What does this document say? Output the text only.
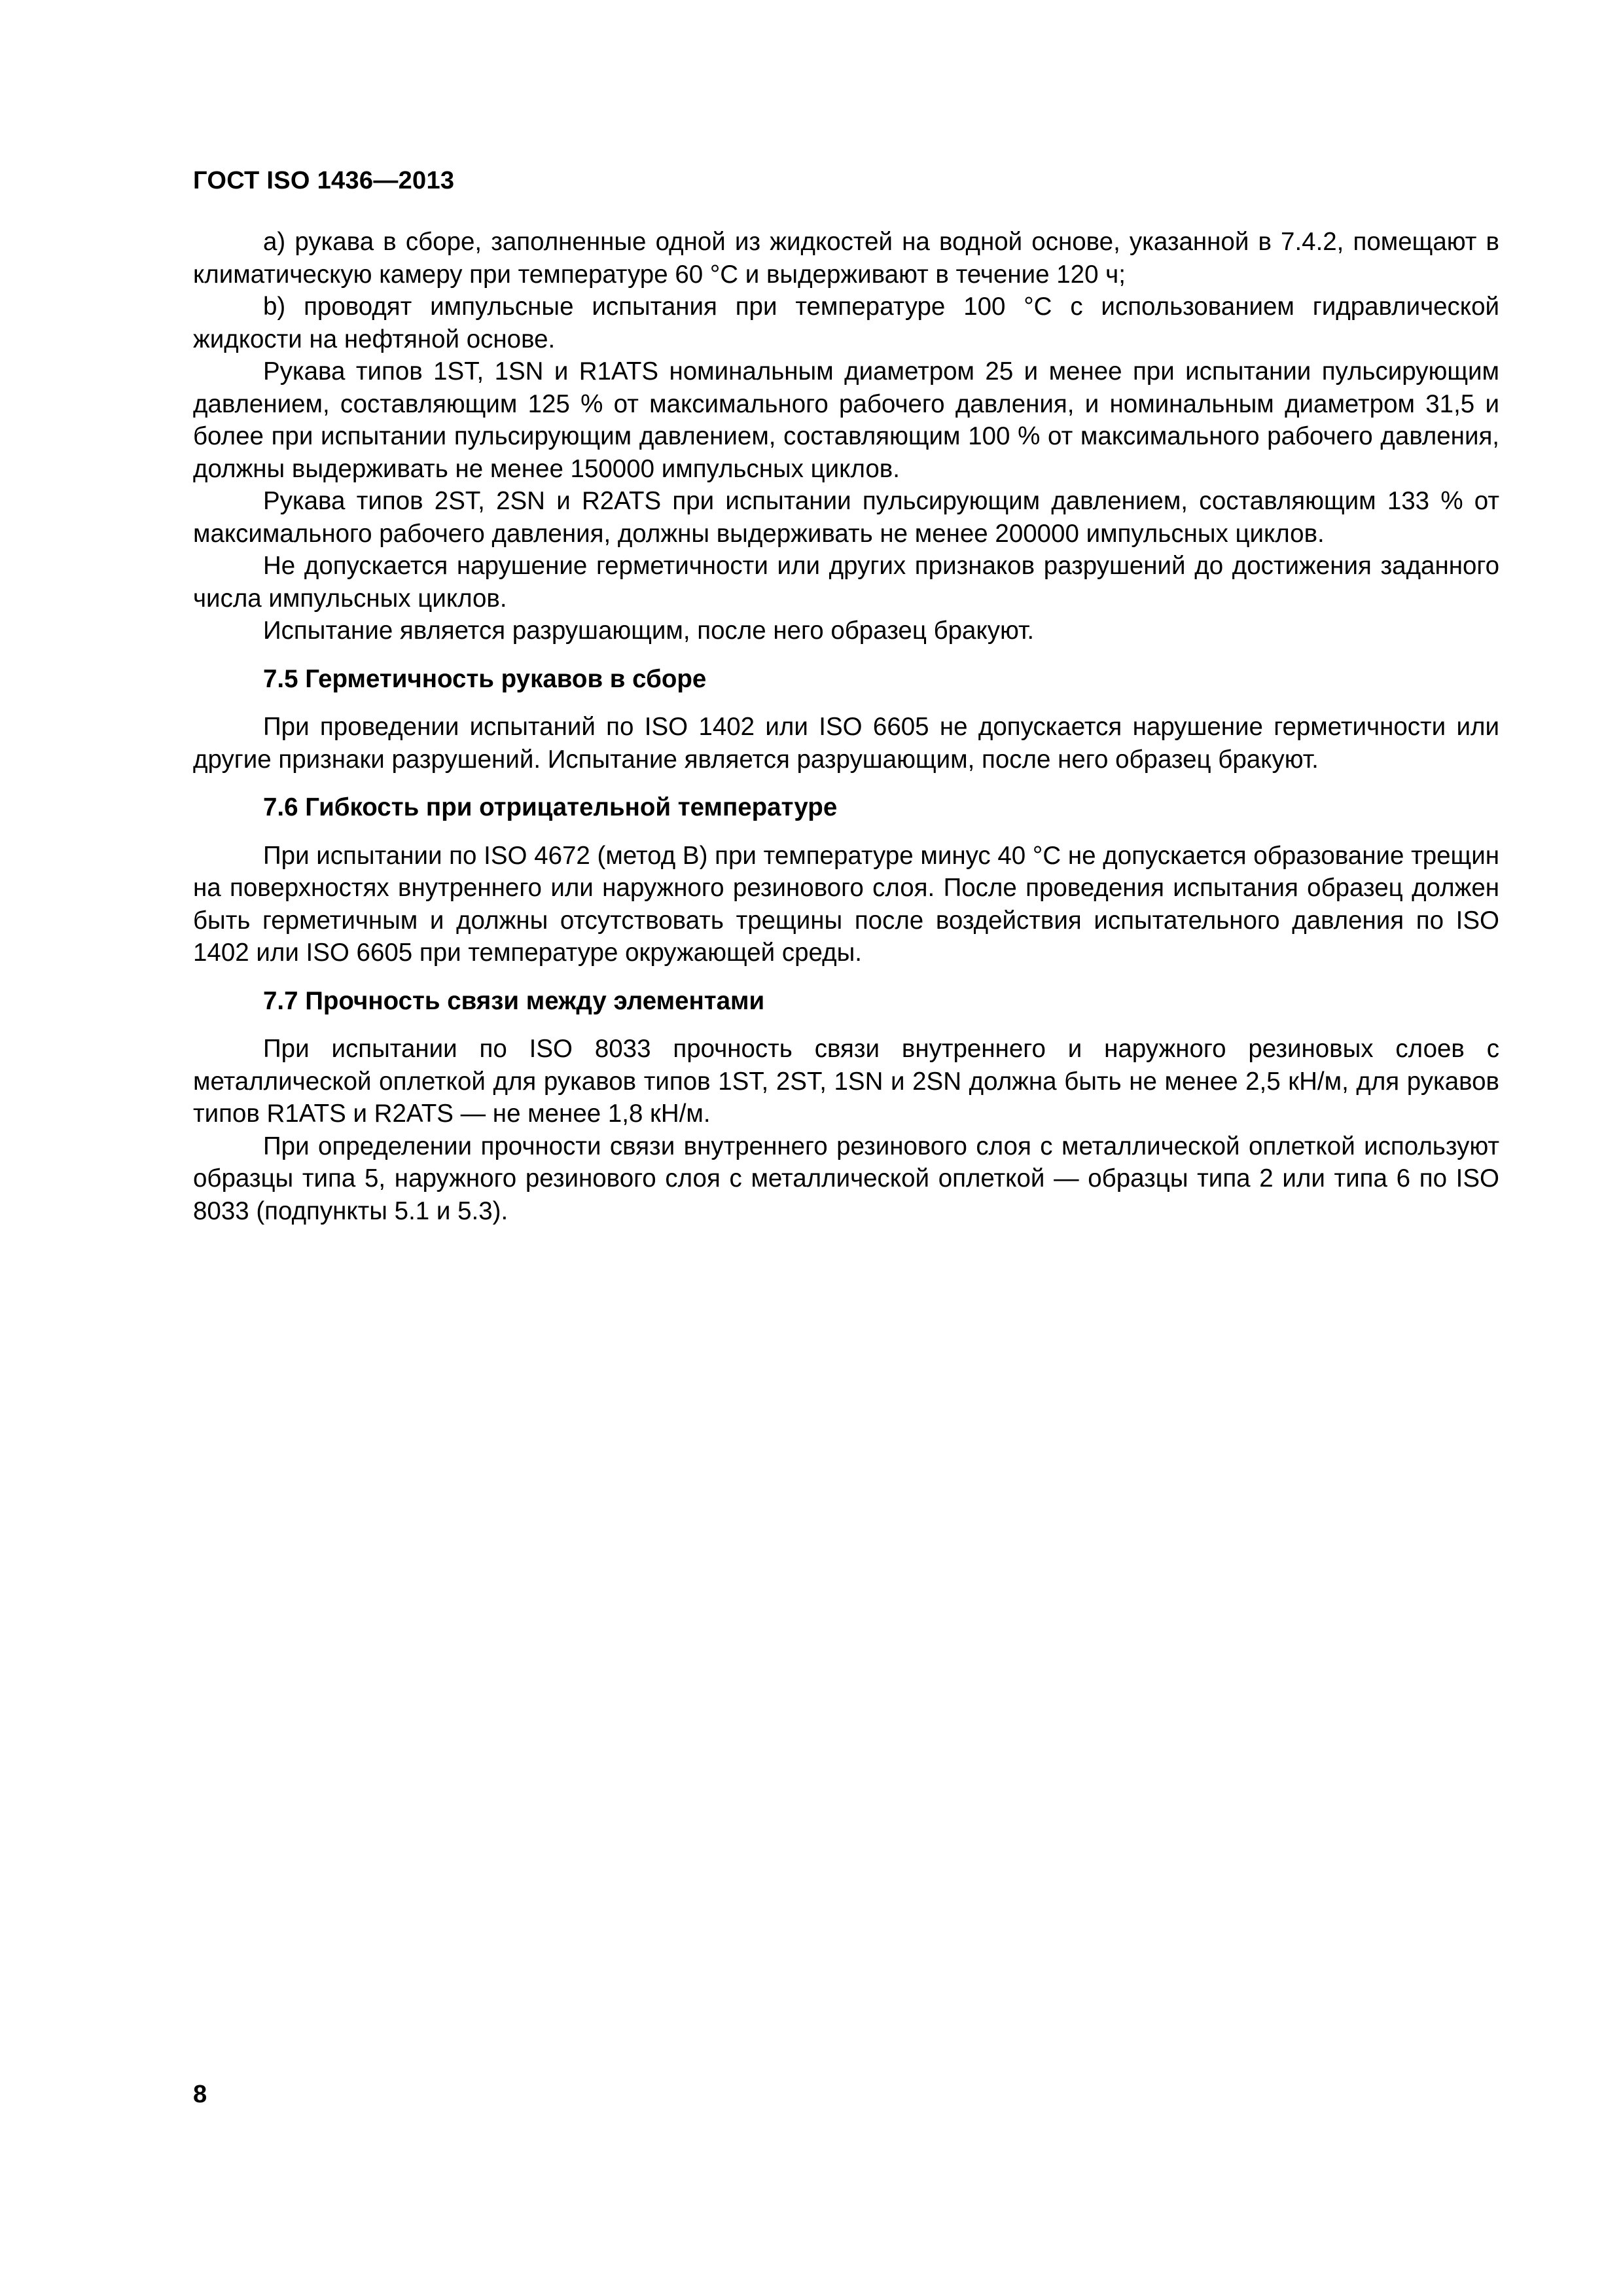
ГОСТ ISO 1436—2013

a) рукава в сборе, заполненные одной из жидкостей на водной основе, указанной в 7.4.2, помещают в климатическую камеру при температуре 60 °С и выдерживают в течение 120 ч;

b) проводят импульсные испытания при температуре 100 °С с использованием гидравлической жидкости на нефтяной основе.

Рукава типов 1ST, 1SN и R1ATS номинальным диаметром 25 и менее при испытании пульсирующим давлением, составляющим 125 % от максимального рабочего давления, и номинальным диаметром 31,5 и более при испытании пульсирующим давлением, составляющим 100 % от максимального рабочего давления, должны выдерживать не менее 150000 импульсных циклов.

Рукава типов 2ST, 2SN и R2ATS при испытании пульсирующим давлением, составляющим 133 % от максимального рабочего давления, должны выдерживать не менее 200000 импульсных циклов.

Не допускается нарушение герметичности или других признаков разрушений до достижения заданного числа импульсных циклов.

Испытание является разрушающим, после него образец бракуют.

7.5 Герметичность рукавов в сборе

При проведении испытаний по ISO 1402 или ISO 6605 не допускается нарушение герметичности или другие признаки разрушений. Испытание является разрушающим, после него образец бракуют.

7.6 Гибкость при отрицательной температуре

При испытании по ISO 4672 (метод В) при температуре минус 40 °С не допускается образование трещин на поверхностях внутреннего или наружного резинового слоя. После проведения испытания образец должен быть герметичным и должны отсутствовать трещины после воздействия испытательного давления по ISO 1402 или ISO 6605 при температуре окружающей среды.

7.7 Прочность связи между элементами

При испытании по ISO 8033 прочность связи внутреннего и наружного резиновых слоев с металлической оплеткой для рукавов типов 1ST, 2ST, 1SN и 2SN должна быть не менее 2,5 кН/м, для рукавов типов R1ATS и R2ATS — не менее 1,8 кН/м.

При определении прочности связи внутреннего резинового слоя с металлической оплеткой используют образцы типа 5, наружного резинового слоя с металлической оплеткой — образцы типа 2 или типа 6 по ISO 8033 (подпункты 5.1 и 5.3).

8
